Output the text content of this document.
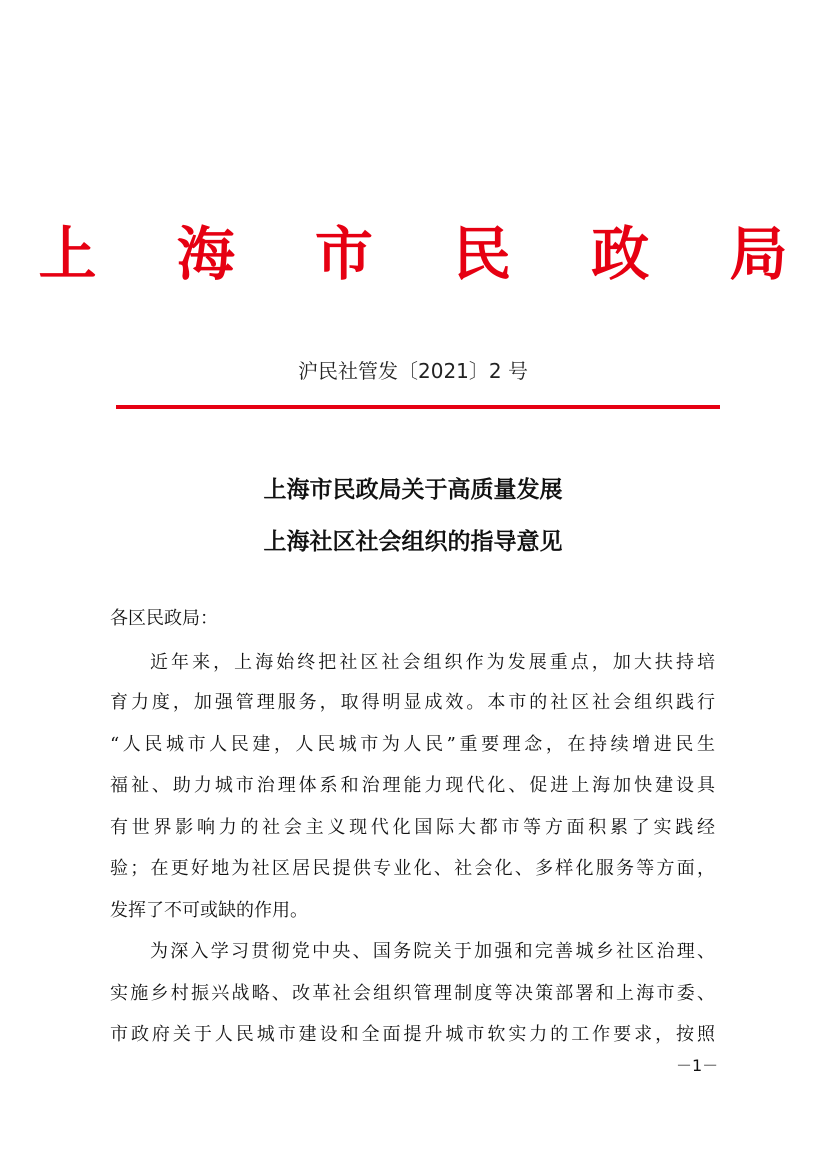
上 海 市 民 政 局
沪民社管发〔2021〕2 号
上海市民政局关于高质量发展
上海社区社会组织的指导意见
各区民政局：
近年来，上海始终把社区社会组织作为发展重点，加大扶持培
育力度，加强管理服务，取得明显成效。本市的社区社会组织践行
“人民城市人民建，人民城市为人民”重要理念，在持续增进民生
福祉、助力城市治理体系和治理能力现代化、促进上海加快建设具
有世界影响力的社会主义现代化国际大都市等方面积累了实践经
验；在更好地为社区居民提供专业化、社会化、多样化服务等方面，
发挥了不可或缺的作用。
为深入学习贯彻党中央、国务院关于加强和完善城乡社区治理、
实施乡村振兴战略、改革社会组织管理制度等决策部署和上海市委、
市政府关于人民城市建设和全面提升城市软实力的工作要求，按照
－1－
